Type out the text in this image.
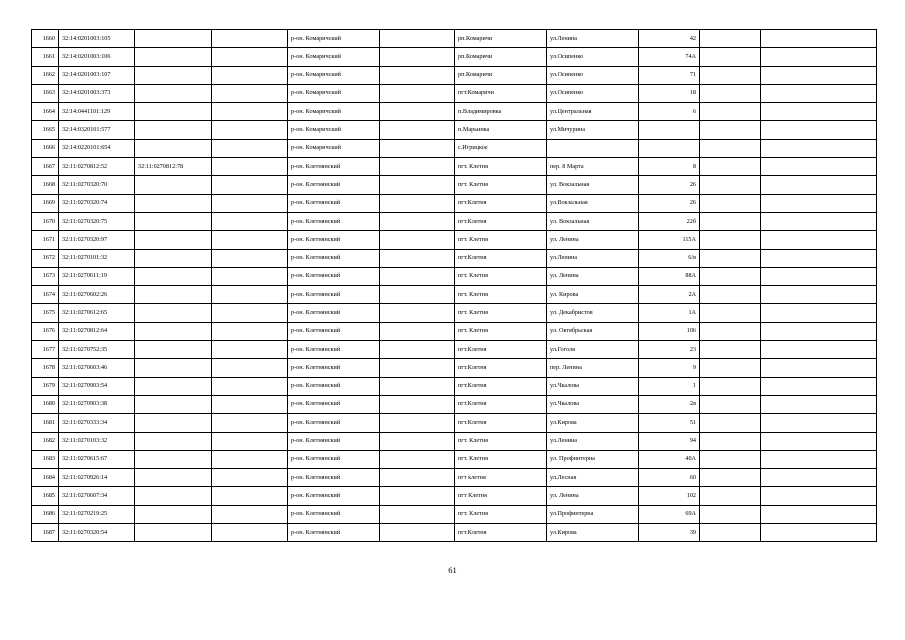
1660	32:14:0201003:105			р-он. Комаричский		рп.Комаричи	ул.Ленина	42		
1661	32:14:0201003:106			р-он. Комаричский		рп.Комаричи	ул.Осипенко	74А		
1662	32:14:0201003:107			р-он. Комаричский		рп.Комаричи	ул.Осипенко	71		
1663	32:14:0201003:373			р-он. Комаричский		пгт.Комаричи	ул.Осипенко	18		
1664	32:14:0441101:129			р-он. Комаричский		п.Владимировка	ул.Центральная	6		
1665	32:14:0320101:577			р-он. Комаричский		п.Марьинка	ул.Мичурина			
1666	32:14:0220101:654			р-он. Комаричский		с.Игрицкое				
1667	32:11:0270812:52	32:11:0270812:78		р-он. Клетнянский		пгт. Клетня	пер. 8 Марта	8		
1668	32:11:0270320:70			р-он. Клетнянский		пгт. Клетня	ул. Вокзальная	26		
1669	32:11:0270320:74			р-он. Клетнянский		пгт.Клетня	ул.Вокзальная	26		
1670	32:11:0270320:75			р-он. Клетнянский		пгт.Клетня	ул. Вокзальная	22б		
1671	32:11:0270320:97			р-он. Клетнянский		пгт. Клетня	ул. Ленина	115А		
1672	32:11:0270101:32			р-он. Клетнянский		пгт.Клетня	ул.Ленина	6/в		
1673	32:11:0270611:19			р-он. Клетнянский		пгт. Клетня	ул. Ленина	88А		
1674	32:11:0270602:26			р-он. Клетнянский		пгт. Клетня	ул. Кирова	2А		
1675	32:11:0270612:65			р-он. Клетнянский		пгт. Клетня	ул. Декабристов	1А		
1676	32:11:0270812:64			р-он. Клетнянский		пгт. Клетня	ул. Октябрьская	106		
1677	32:11:0270752:35			р-он. Клетнянский		пгт.Клетня	ул.Гоголя	23		
1678	32:11:0270603:46			р-он. Клетнянский		пгт.Клетня	пер. Ленина	9		
1679	32:11:0270903:54			р-он. Клетнянский		пгт.Клетня	ул.Чкалова	1		
1680	32:11:0270903:38			р-он. Клетнянский		пгт.Клетня	ул.Чкалова	2в		
1681	32:11:0270333:34			р-он. Клетнянский		пгт.Клетня	ул.Кирова	51		
1682	32:11:0270103:32			р-он. Клетнянский		пгт. Клетня	ул.Ленина	94		
1683	32:11:0270615:67			р-он. Клетнянский		пгт. Клетня	ул. Профинтерна	40А		
1684	32:11:0270926:14			р-он. Клетнянский		пгт клетня	ул.Лесная	60		
1685	32:11:0270607:34			р-он. Клетнянский		пгт Клетня	ул. Ленина	102		
1686	32:11:0270219:25			р-он. Клетнянский		пгт. Клетня	ул.Профинтерна	69А		
1687	32:11:0270320:54			р-он. Клетнянский		пгт.Клетня	ул.Кирова	39		
61
